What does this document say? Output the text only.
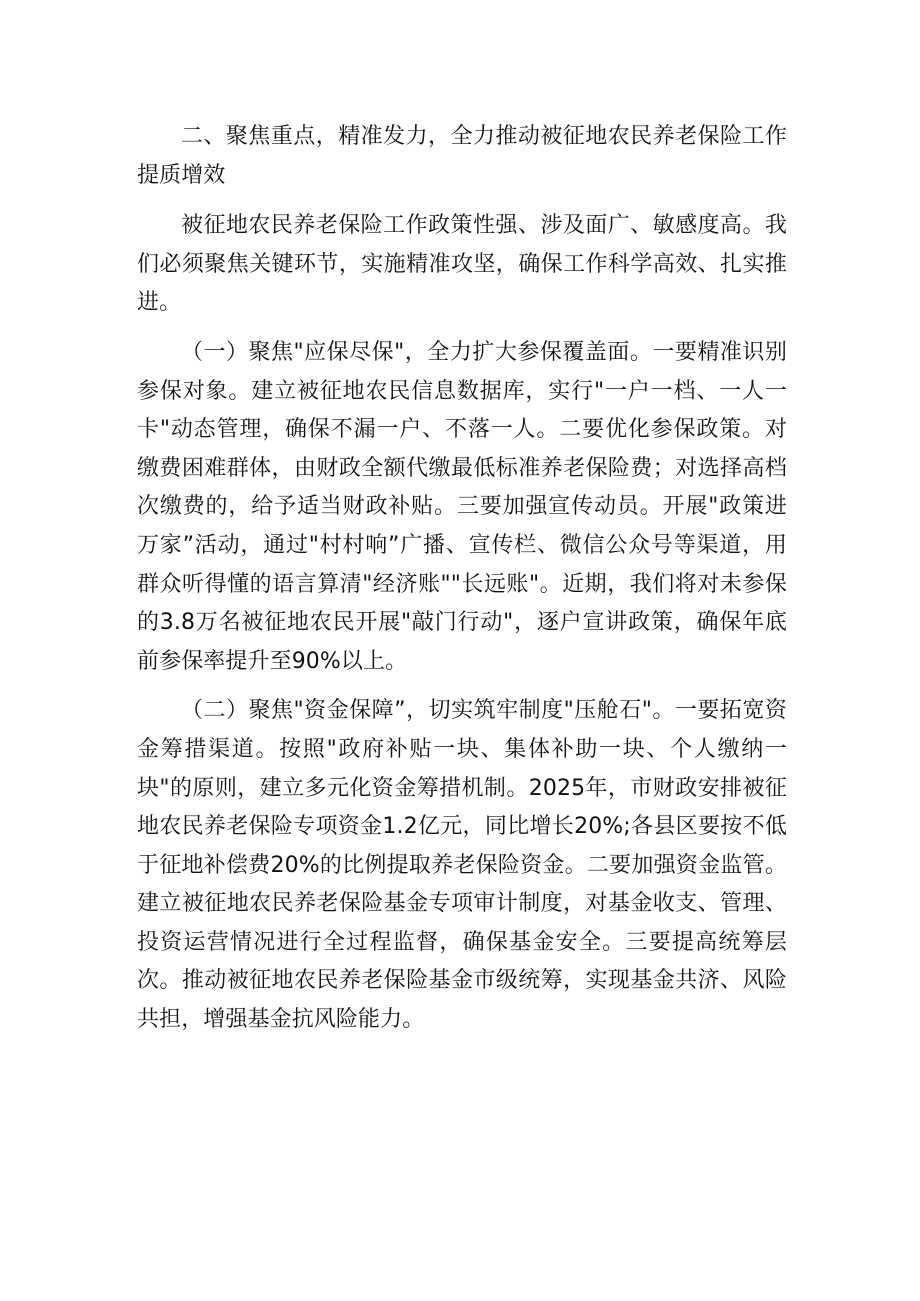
二、聚焦重点，精准发力，全力推动被征地农民养老保险工作提质增效

被征地农民养老保险工作政策性强、涉及面广、敏感度高。我们必须聚焦关键环节，实施精准攻坚，确保工作科学高效、扎实推进。

（一）聚焦"应保尽保"，全力扩大参保覆盖面。一要精准识别参保对象。建立被征地农民信息数据库，实行"一户一档、一人一卡"动态管理，确保不漏一户、不落一人。二要优化参保政策。对缴费困难群体，由财政全额代缴最低标准养老保险费；对选择高档次缴费的，给予适当财政补贴。三要加强宣传动员。开展"政策进万家”活动，通过"村村响”广播、宣传栏、微信公众号等渠道，用群众听得懂的语言算清"经济账""长远账"。近期，我们将对未参保的3.8万名被征地农民开展"敲门行动"，逐户宣讲政策，确保年底前参保率提升至90%以上。

（二）聚焦"资金保障”，切实筑牢制度"压舱石"。一要拓宽资金筹措渠道。按照"政府补贴一块、集体补助一块、个人缴纳一块"的原则，建立多元化资金筹措机制。2025年，市财政安排被征地农民养老保险专项资金1.2亿元，同比增长20%;各县区要按不低于征地补偿费20%的比例提取养老保险资金。二要加强资金监管。建立被征地农民养老保险基金专项审计制度，对基金收支、管理、投资运营情况进行全过程监督，确保基金安全。三要提高统筹层次。推动被征地农民养老保险基金市级统筹，实现基金共济、风险共担，增强基金抗风险能力。
